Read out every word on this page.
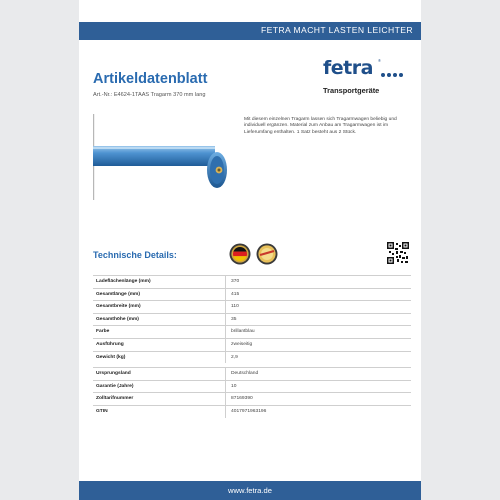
FETRA MACHT LASTEN LEICHTER
Artikeldatenblatt
Art.-Nr.: E4624-1TAAS Tragarm 370 mm lang
fetra ®
Transportgeräte
Mit diesem einzelnen Tragarm lassen sich Tragarmwagen beliebig und individuell ergänzen. Material zum Anbau am Tragarmwagen ist im Lieferumfang enthalten. 1 Satz besteht aus 2 Stück.
Technische Details:
Ladeflächenlänge (mm)	370
Gesamtlänge (mm)	415
Gesamtbreite (mm)	110
Gesamthöhe (mm)	35
Farbe	brillantblau
Ausführung	zweiseitig
Gewicht (kg)	2,9
Ursprungsland	Deutschland
Garantie (Jahre)	10
Zolltarifnummer	87169390
GTIN	4017971963196
www.fetra.de
